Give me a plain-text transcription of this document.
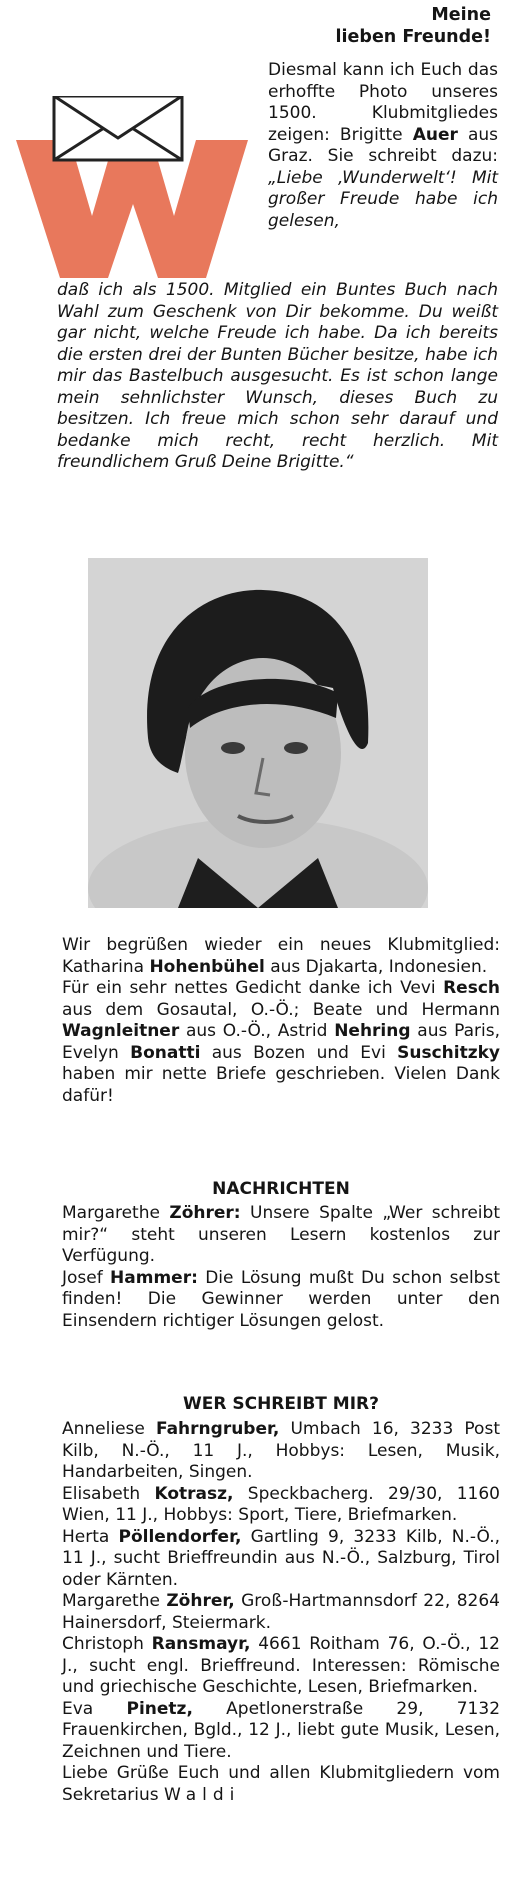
Meine
lieben Freunde!
Diesmal kann ich Euch das erhoffte Photo unseres 1500. Klubmitgliedes zeigen: Brigitte Auer aus Graz. Sie schreibt dazu: „Liebe ‚Wunderwelt‘! Mit großer Freude habe ich gelesen,
daß ich als 1500. Mitglied ein Buntes Buch nach Wahl zum Geschenk von Dir bekomme. Du weißt gar nicht, welche Freude ich habe. Da ich bereits die ersten drei der Bunten Bücher besitze, habe ich mir das Bastelbuch ausgesucht. Es ist schon lange mein sehnlichster Wunsch, dieses Buch zu besitzen. Ich freue mich schon sehr darauf und bedanke mich recht, recht herzlich. Mit freundlichem Gruß Deine Brigitte.“

Wir begrüßen wieder ein neues Klubmitglied: Katharina Hohenbühel aus Djakarta, Indonesien.

Für ein sehr nettes Gedicht danke ich Vevi Resch aus dem Gosautal, O.-Ö.; Beate und Hermann Wagnleitner aus O.-Ö., Astrid Nehring aus Paris, Evelyn Bonatti aus Bozen und Evi Suschitzky haben mir nette Briefe geschrieben. Vielen Dank dafür!

NACHRICHTEN

Margarethe Zöhrer: Unsere Spalte „Wer schreibt mir?“ steht unseren Lesern kostenlos zur Verfügung.

Josef Hammer: Die Lösung mußt Du schon selbst finden! Die Gewinner werden unter den Einsendern richtiger Lösungen gelost.

WER SCHREIBT MIR?

Anneliese Fahrngruber, Umbach 16, 3233 Post Kilb, N.-Ö., 11 J., Hobbys: Lesen, Musik, Handarbeiten, Singen.

Elisabeth Kotrasz, Speckbacherg. 29/30, 1160 Wien, 11 J., Hobbys: Sport, Tiere, Briefmarken.

Herta Pöllendorfer, Gartling 9, 3233 Kilb, N.-Ö., 11 J., sucht Brieffreundin aus N.-Ö., Salzburg, Tirol oder Kärnten.

Margarethe Zöhrer, Groß-Hartmannsdorf 22, 8264 Hainersdorf, Steiermark.

Christoph Ransmayr, 4661 Roitham 76, O.-Ö., 12 J., sucht engl. Brieffreund. Interessen: Römische und griechische Geschichte, Lesen, Briefmarken.

Eva Pinetz, Apetlonerstraße 29, 7132 Frauenkirchen, Bgld., 12 J., liebt gute Musik, Lesen, Zeichnen und Tiere.

Liebe Grüße Euch und allen Klubmitgliedern vom Sekretarius Waldi
